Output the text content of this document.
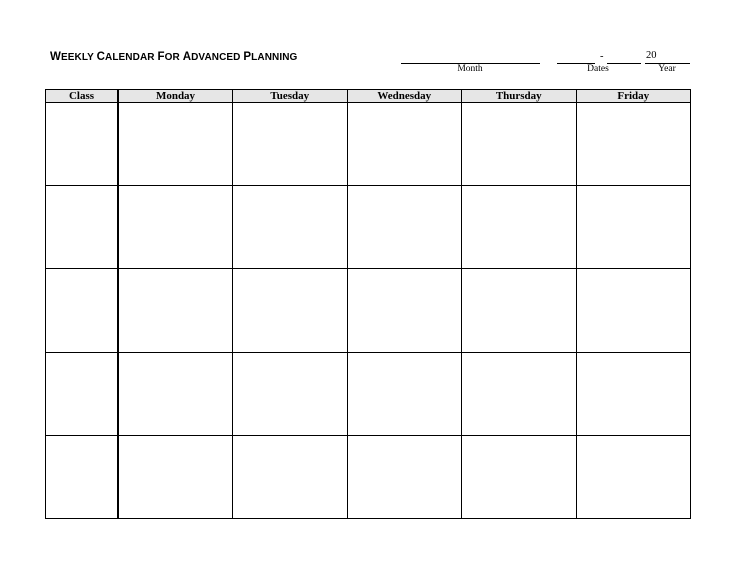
WEEKLY CALENDAR FOR ADVANCED PLANNING
Month
-
Dates
20
Year
Class	Monday	Tuesday	Wednesday	Thursday	Friday
